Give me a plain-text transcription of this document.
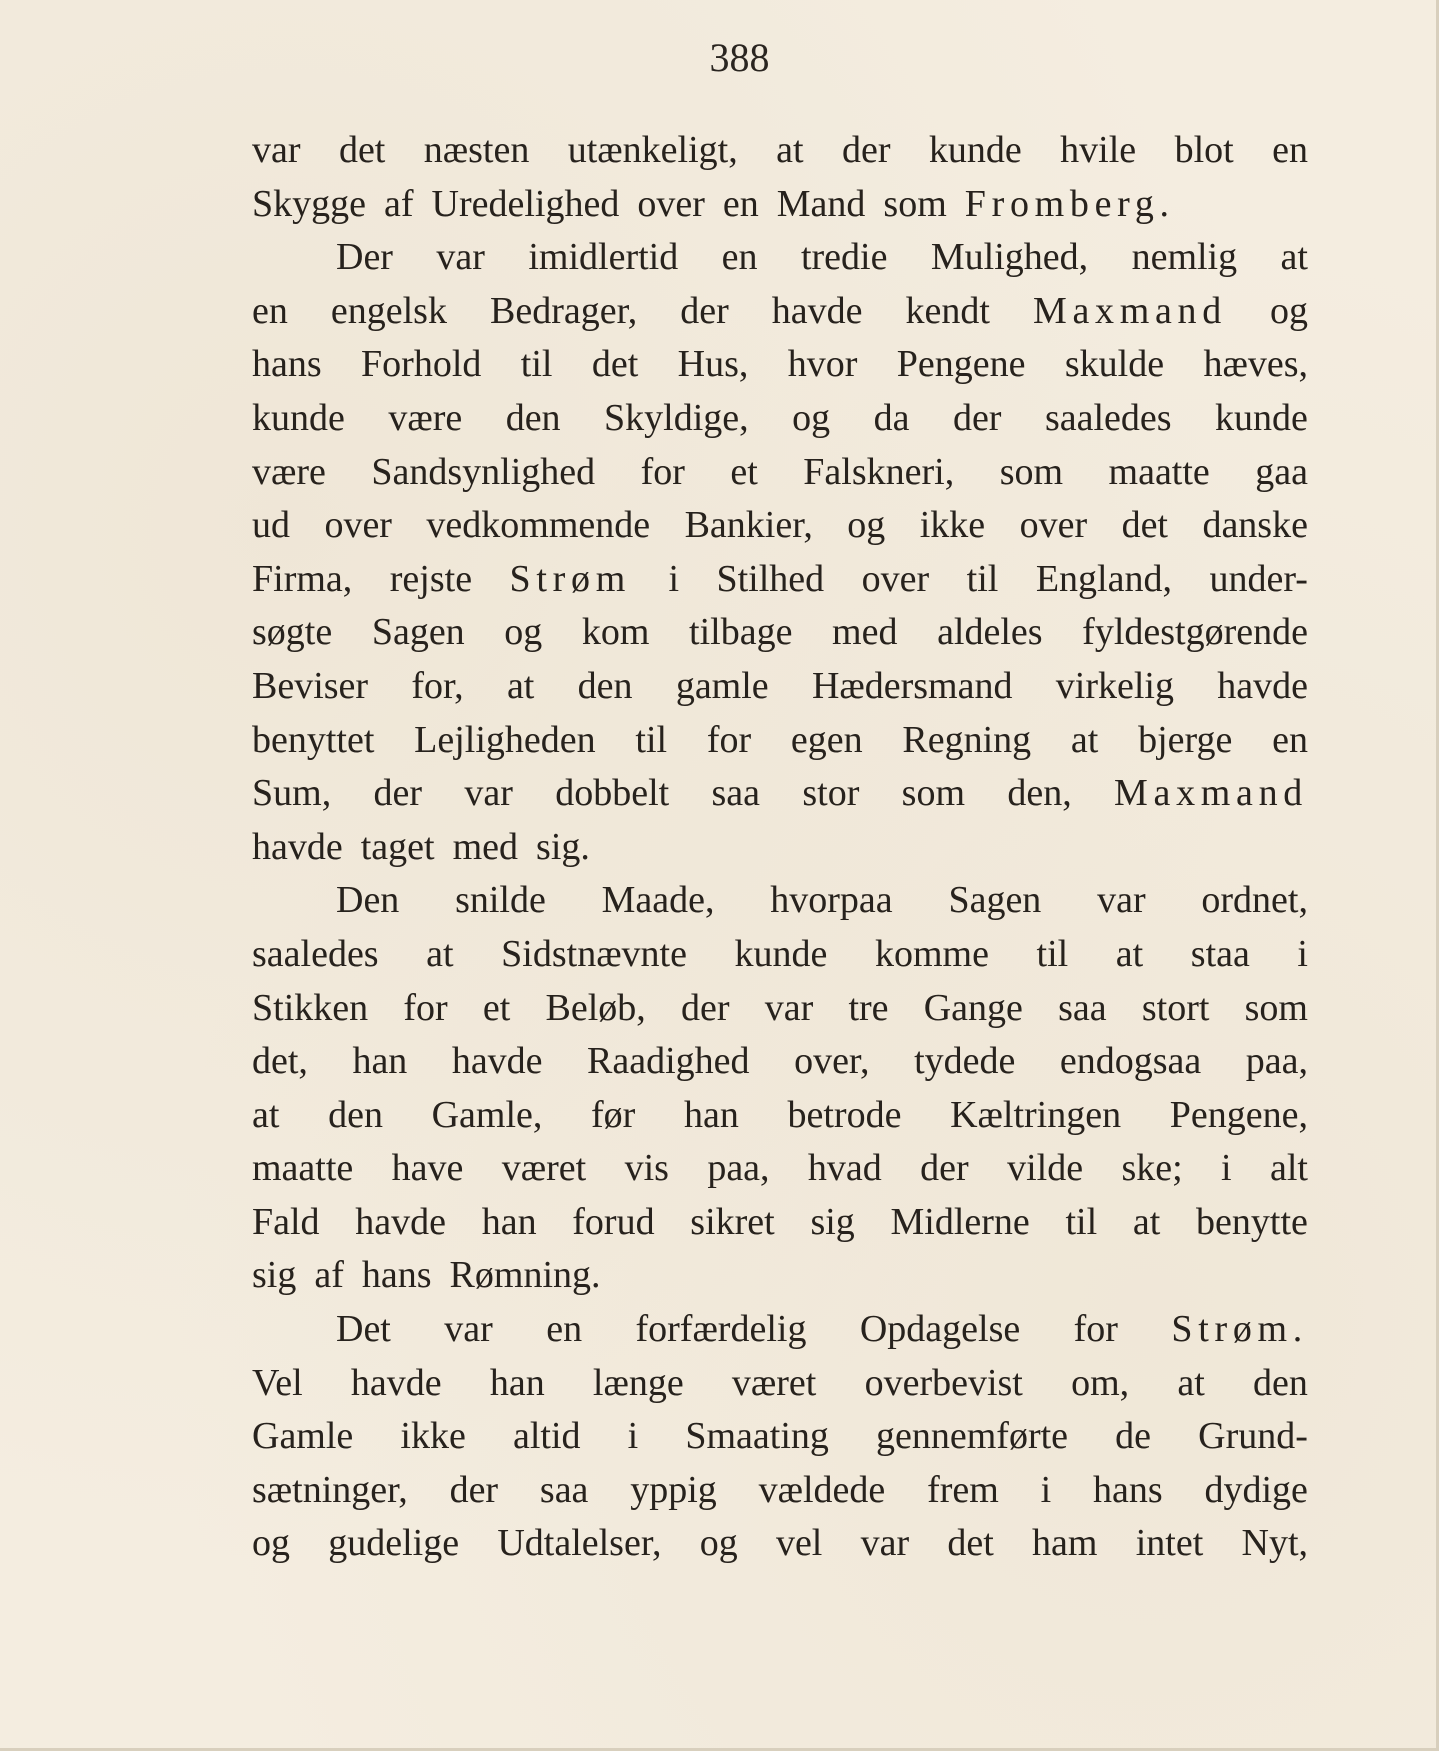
388
var det næsten utænkeligt, at der kunde hvile blot en
Skygge af Uredelighed over en Mand som Fromberg.
Der var imidlertid en tredie Mulighed, nemlig at
en engelsk Bedrager, der havde kendt Maxmand og
hans Forhold til det Hus, hvor Pengene skulde hæves,
kunde være den Skyldige, og da der saaledes kunde
være Sandsynlighed for et Falskneri, som maatte gaa
ud over vedkommende Bankier, og ikke over det danske
Firma, rejste Strøm i Stilhed over til England, under-
søgte Sagen og kom tilbage med aldeles fyldestgørende
Beviser for, at den gamle Hædersmand virkelig havde
benyttet Lejligheden til for egen Regning at bjerge en
Sum, der var dobbelt saa stor som den, Maxmand
havde taget med sig.
Den snilde Maade, hvorpaa Sagen var ordnet,
saaledes at Sidstnævnte kunde komme til at staa i
Stikken for et Beløb, der var tre Gange saa stort som
det, han havde Raadighed over, tydede endogsaa paa,
at den Gamle, før han betrode Kæltringen Pengene,
maatte have været vis paa, hvad der vilde ske; i alt
Fald havde han forud sikret sig Midlerne til at benytte
sig af hans Rømning.
Det var en forfærdelig Opdagelse for Strøm.
Vel havde han længe været overbevist om, at den
Gamle ikke altid i Smaating gennemførte de Grund-
sætninger, der saa yppig vældede frem i hans dydige
og gudelige Udtalelser, og vel var det ham intet Nyt,
